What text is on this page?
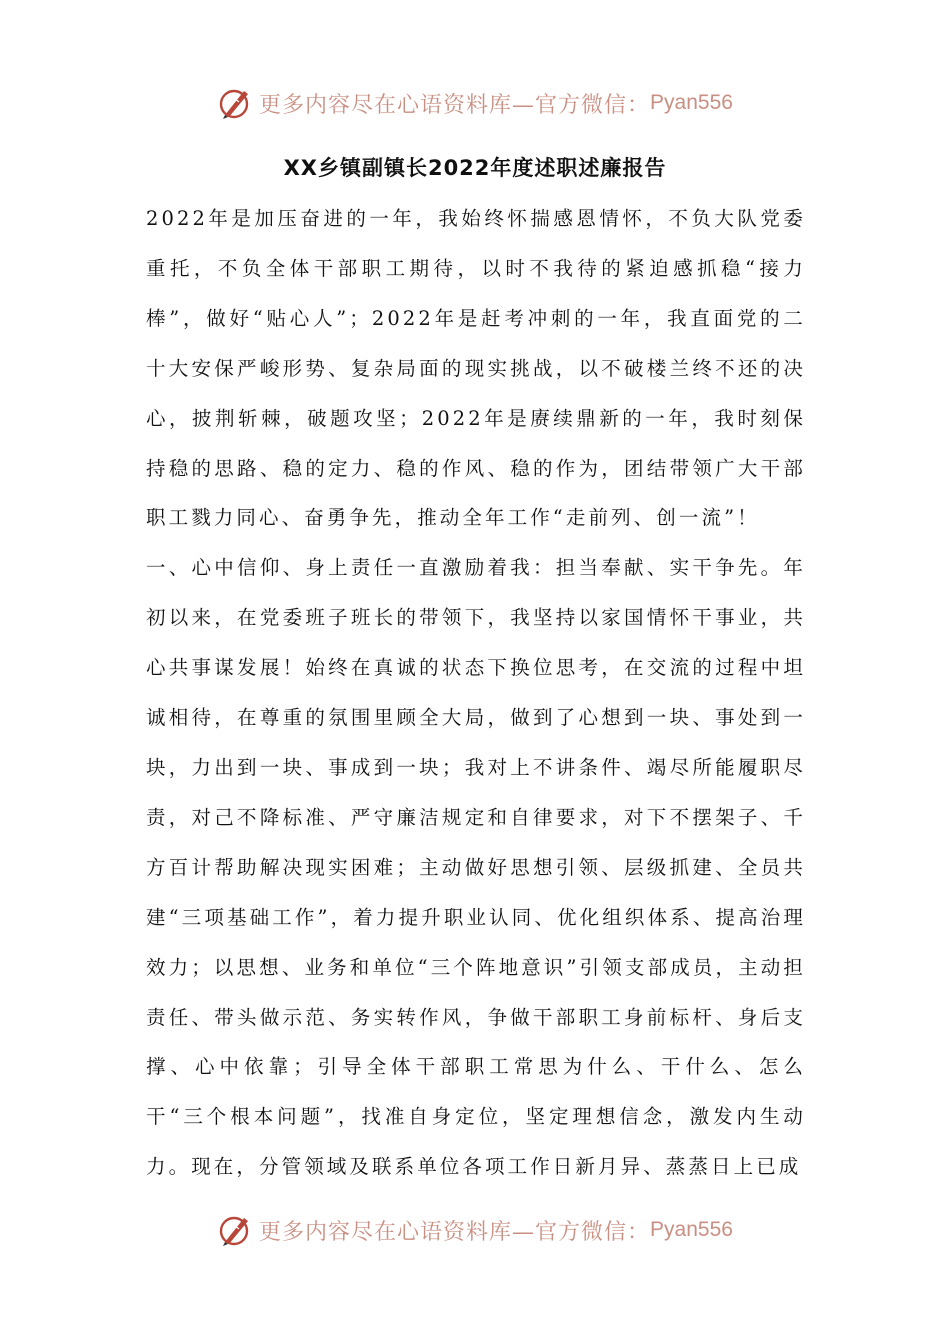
更多内容尽在心语资料库—官方微信： Pyan556
XX乡镇副镇长2022年度述职述廉报告

2022年是加压奋进的一年，我始终怀揣感恩情怀，不负大队党委重托，不负全体干部职工期待，以时不我待的紧迫感抓稳“接力棒”，做好“贴心人”；2022年是赶考冲刺的一年，我直面党的二十大安保严峻形势、复杂局面的现实挑战，以不破楼兰终不还的决心，披荆斩棘，破题攻坚；2022年是赓续鼎新的一年，我时刻保持稳的思路、稳的定力、稳的作风、稳的作为，团结带领广大干部职工戮力同心、奋勇争先，推动全年工作“走前列、创一流”！

一、心中信仰、身上责任一直激励着我：担当奉献、实干争先。年初以来，在党委班子班长的带领下，我坚持以家国情怀干事业，共心共事谋发展！始终在真诚的状态下换位思考，在交流的过程中坦诚相待，在尊重的氛围里顾全大局，做到了心想到一块、事处到一块，力出到一块、事成到一块；我对上不讲条件、竭尽所能履职尽责，对己不降标准、严守廉洁规定和自律要求，对下不摆架子、千方百计帮助解决现实困难；主动做好思想引领、层级抓建、全员共建“三项基础工作”，着力提升职业认同、优化组织体系、提高治理效力；以思想、业务和单位“三个阵地意识”引领支部成员，主动担责任、带头做示范、务实转作风，争做干部职工身前标杆、身后支撑、心中依靠；引导全体干部职工常思为什么、干什么、怎么干“三个根本问题”，找准自身定位，坚定理想信念，激发内生动力。现在，分管领域及联系单位各项工作日新月异、蒸蒸日上已成

更多内容尽在心语资料库—官方微信： Pyan556
